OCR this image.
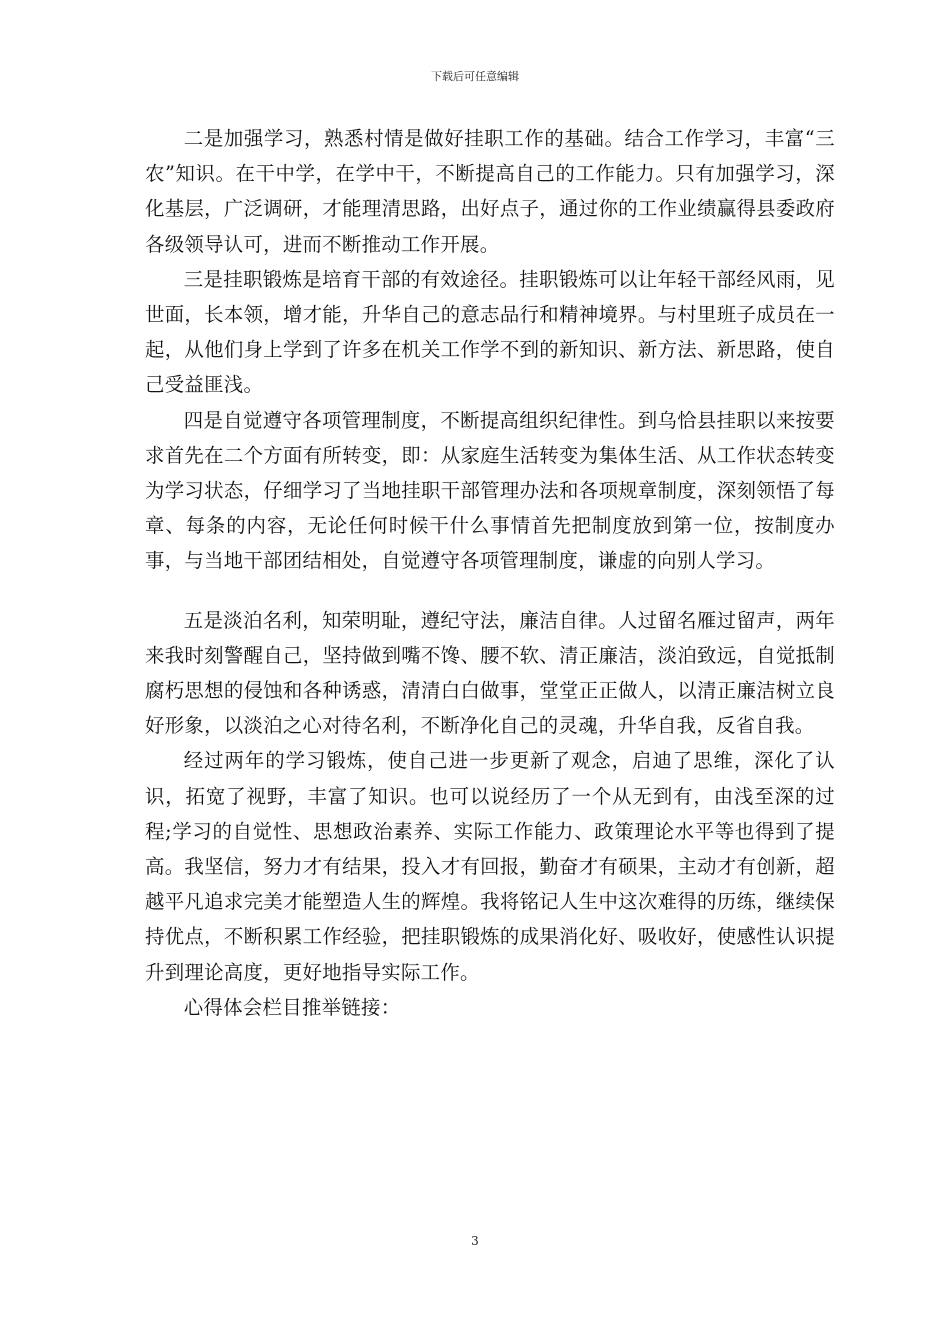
下载后可任意编辑

二是加强学习，熟悉村情是做好挂职工作的基础。结合工作学习，丰富“三农”知识。在干中学，在学中干，不断提高自己的工作能力。只有加强学习，深化基层，广泛调研，才能理清思路，出好点子，通过你的工作业绩赢得县委政府各级领导认可，进而不断推动工作开展。

三是挂职锻炼是培育干部的有效途径。挂职锻炼可以让年轻干部经风雨，见世面，长本领，增才能，升华自己的意志品行和精神境界。与村里班子成员在一起，从他们身上学到了许多在机关工作学不到的新知识、新方法、新思路，使自己受益匪浅。

四是自觉遵守各项管理制度，不断提高组织纪律性。到乌恰县挂职以来按要求首先在二个方面有所转变，即：从家庭生活转变为集体生活、从工作状态转变为学习状态，仔细学习了当地挂职干部管理办法和各项规章制度，深刻领悟了每章、每条的内容，无论任何时候干什么事情首先把制度放到第一位，按制度办事，与当地干部团结相处，自觉遵守各项管理制度，谦虚的向别人学习。

五是淡泊名利，知荣明耻，遵纪守法，廉洁自律。人过留名雁过留声，两年来我时刻警醒自己，坚持做到嘴不馋、腰不软、清正廉洁，淡泊致远，自觉抵制腐朽思想的侵蚀和各种诱惑，清清白白做事，堂堂正正做人，以清正廉洁树立良好形象，以淡泊之心对待名利，不断净化自己的灵魂，升华自我，反省自我。

经过两年的学习锻炼，使自己进一步更新了观念，启迪了思维，深化了认识，拓宽了视野，丰富了知识。也可以说经历了一个从无到有，由浅至深的过程;学习的自觉性、思想政治素养、实际工作能力、政策理论水平等也得到了提高。我坚信，努力才有结果，投入才有回报，勤奋才有硕果，主动才有创新，超越平凡追求完美才能塑造人生的辉煌。我将铭记人生中这次难得的历练，继续保持优点，不断积累工作经验，把挂职锻炼的成果消化好、吸收好，使感性认识提升到理论高度，更好地指导实际工作。

心得体会栏目推举链接：

3
